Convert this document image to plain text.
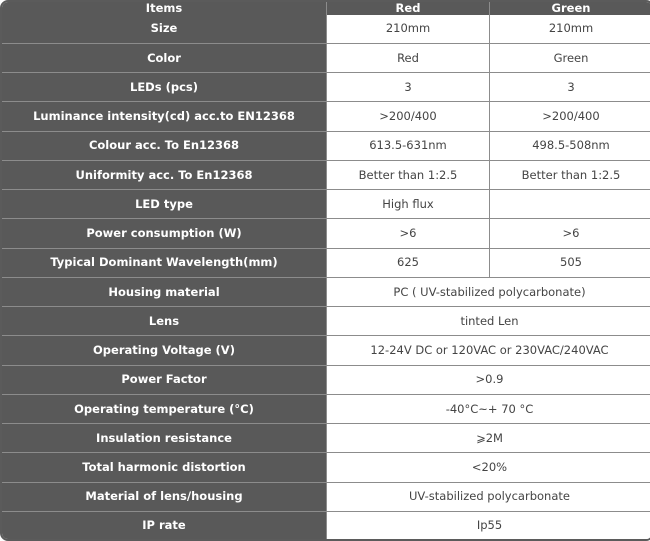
Items	Red	Green
Size	210mm	210mm
Color	Red	Green
LEDs (pcs)	3	3
Luminance intensity(cd) acc.to EN12368	>200/400	>200/400
Colour acc. To En12368	613.5-631nm	498.5-508nm
Uniformity acc. To En12368	Better than 1:2.5	Better than 1:2.5
LED type	High flux	
Power consumption (W)	>6	>6
Typical Dominant Wavelength(mm)	625	505
Housing material	PC ( UV-stabilized polycarbonate)	
Lens	tinted Len	
Operating Voltage (V)	12-24V DC or 120VAC or 230VAC/240VAC	
Power Factor	>0.9	
Operating temperature (°C)	-40°C~+ 70 °C	
Insulation resistance	⩾2M	
Total harmonic distortion	<20%	
Material of lens/housing	UV-stabilized polycarbonate	
IP rate	Ip55	
